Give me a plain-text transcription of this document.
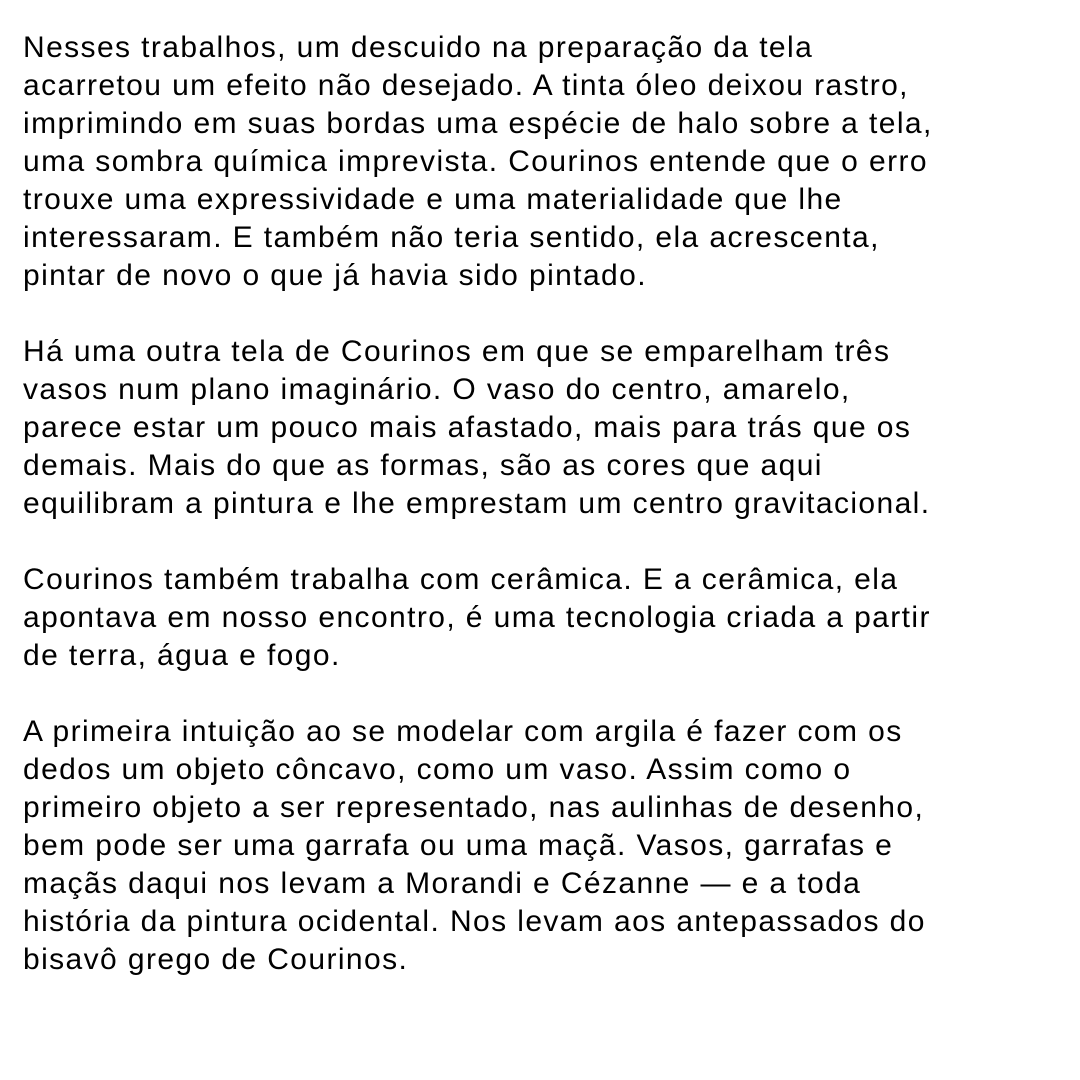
Nesses trabalhos, um descuido na preparação da tela
acarretou um efeito não desejado. A tinta óleo deixou rastro,
imprimindo em suas bordas uma espécie de halo sobre a tela,
uma sombra química imprevista. Courinos entende que o erro
trouxe uma expressividade e uma materialidade que lhe
interessaram. E também não teria sentido, ela acrescenta,
pintar de novo o que já havia sido pintado.

Há uma outra tela de Courinos em que se emparelham três
vasos num plano imaginário. O vaso do centro, amarelo,
parece estar um pouco mais afastado, mais para trás que os
demais. Mais do que as formas, são as cores que aqui
equilibram a pintura e lhe emprestam um centro gravitacional.

Courinos também trabalha com cerâmica. E a cerâmica, ela
apontava em nosso encontro, é uma tecnologia criada a partir
de terra, água e fogo.

A primeira intuição ao se modelar com argila é fazer com os
dedos um objeto côncavo, como um vaso. Assim como o
primeiro objeto a ser representado, nas aulinhas de desenho,
bem pode ser uma garrafa ou uma maçã. Vasos, garrafas e
maçãs daqui nos levam a Morandi e Cézanne — e a toda
história da pintura ocidental. Nos levam aos antepassados do
bisavô grego de Courinos.
